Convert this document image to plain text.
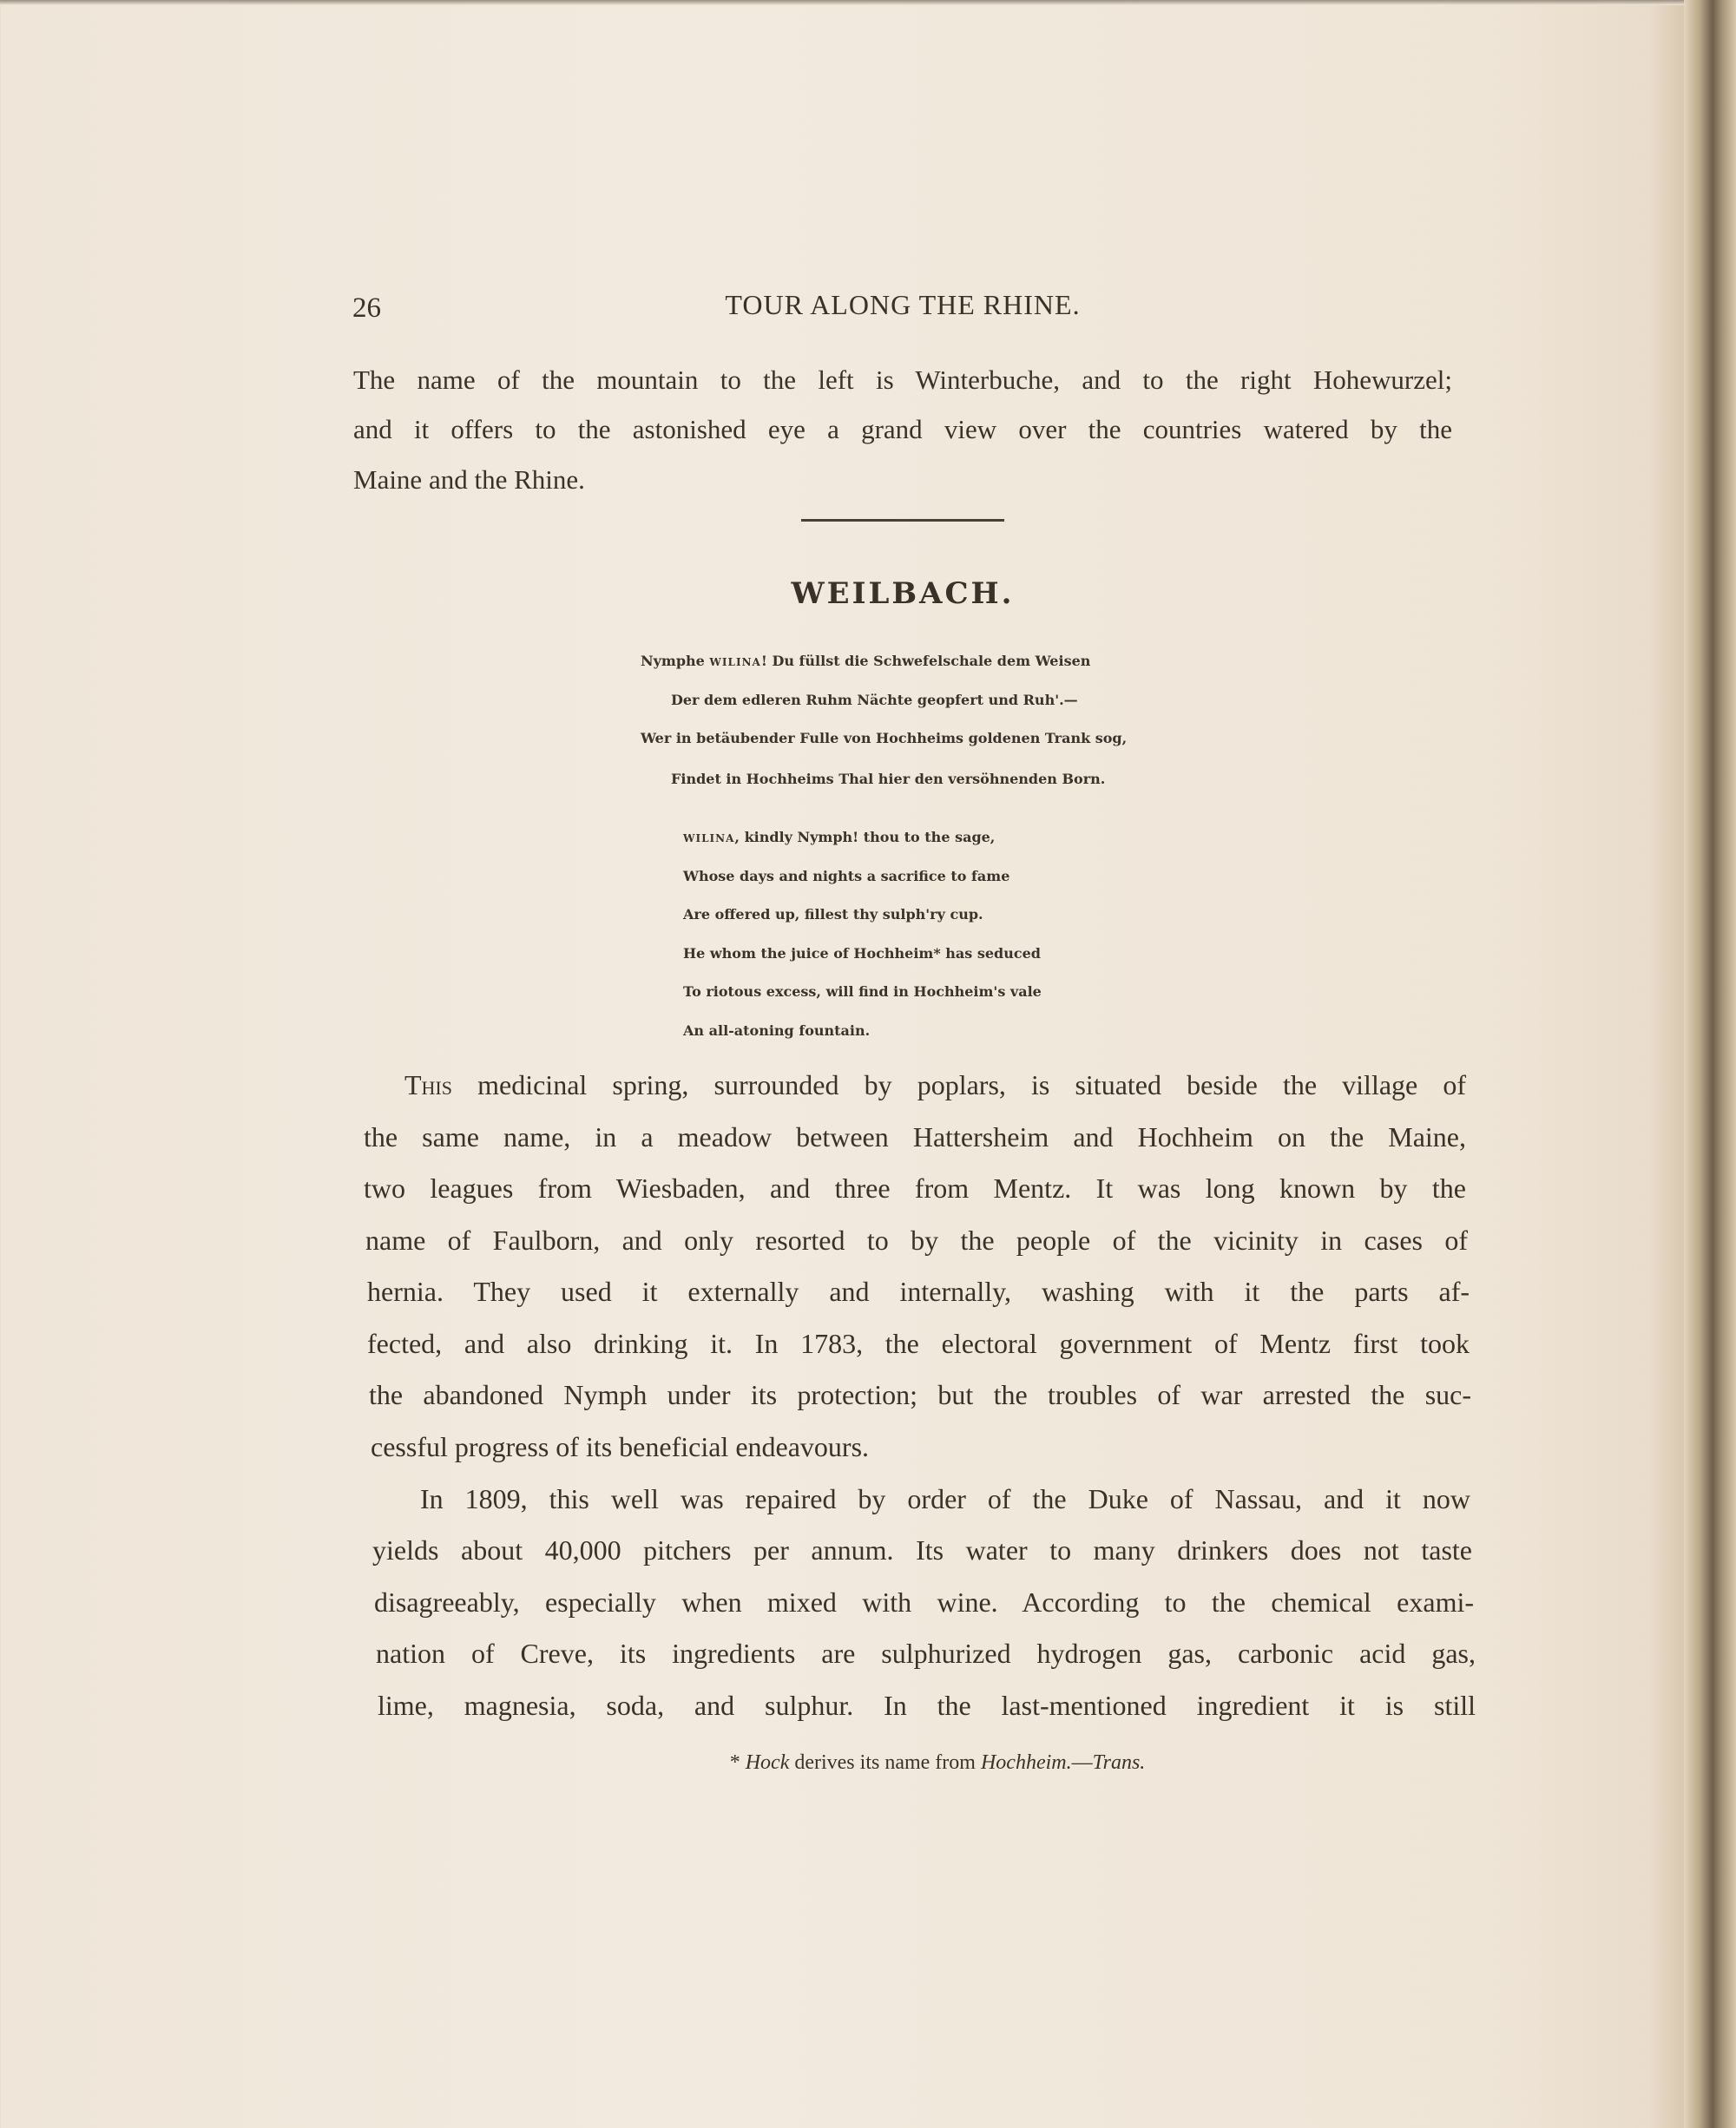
26	TOUR ALONG THE RHINE.
The name of the mountain to the left is Winterbuche, and to the right Hohewurzel;
and it offers to the astonished eye a grand view over the countries watered by the
Maine and the Rhine.
WEILBACH.
Nymphe WILINA! Du füllst die Schwefelschale dem Weisen
Der dem edleren Ruhm Nächte geopfert und Ruh'.—
Wer in betäubender Fulle von Hochheims goldenen Trank sog,
Findet in Hochheims Thal hier den versöhnenden Born.
WILINA, kindly Nymph! thou to the sage,
Whose days and nights a sacrifice to fame
Are offered up, fillest thy sulph'ry cup.
He whom the juice of Hochheim* has seduced
To riotous excess, will find in Hochheim's vale
An all-atoning fountain.
This medicinal spring, surrounded by poplars, is situated beside the village of
the same name, in a meadow between Hattersheim and Hochheim on the Maine,
two leagues from Wiesbaden, and three from Mentz. It was long known by the
name of Faulborn, and only resorted to by the people of the vicinity in cases of
hernia. They used it externally and internally, washing with it the parts af-
fected, and also drinking it. In 1783, the electoral government of Mentz first took
the abandoned Nymph under its protection; but the troubles of war arrested the suc-
cessful progress of its beneficial endeavours.
In 1809, this well was repaired by order of the Duke of Nassau, and it now
yields about 40,000 pitchers per annum. Its water to many drinkers does not taste
disagreeably, especially when mixed with wine. According to the chemical exami-
nation of Creve, its ingredients are sulphurized hydrogen gas, carbonic acid gas,
lime, magnesia, soda, and sulphur. In the last-mentioned ingredient it is still
* Hock derives its name from Hochheim.—Trans.
